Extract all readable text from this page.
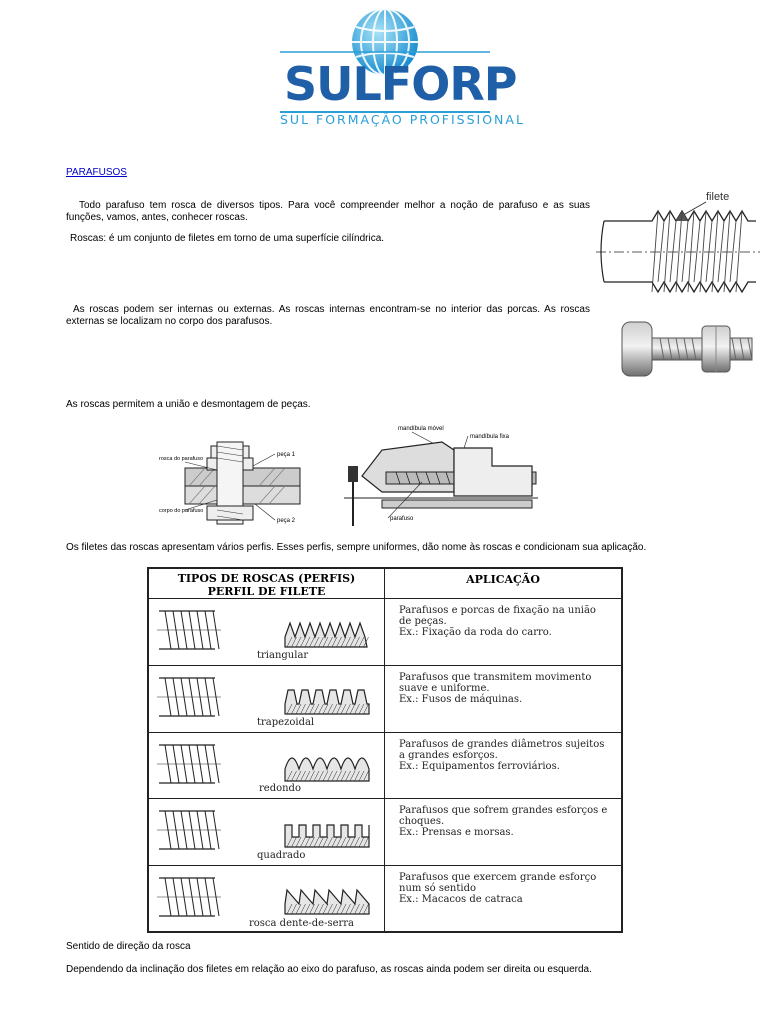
SULFORP
SUL FORMAÇÃO PROFISSIONAL
PARAFUSOS
Todo parafuso tem rosca de diversos tipos. Para você compreender melhor a noção de parafuso e as suas funções, vamos, antes, conhecer roscas.
Roscas: é um conjunto de filetes em torno de uma superfície cilíndrica.
As roscas podem ser internas ou externas. As roscas internas encontram-se no interior das porcas. As roscas externas se localizam no corpo dos parafusos.
As roscas permitem a união e desmontagem de peças.
Os filetes das roscas apresentam vários perfis. Esses perfis, sempre uniformes, dão nome às roscas e condicionam sua aplicação.
Sentido de direção da rosca
Dependendo da inclinação dos filetes em relação ao eixo do parafuso, as roscas ainda podem ser direita ou esquerda.
filete
rosca do parafuso
peça 1
corpo do parafuso
peça 2
mandíbula móvel
mandíbula fixa
parafuso
TIPOS DE ROSCAS (PERFIS)
PERFIL DE FILETE
APLICAÇÃO
triangular
Parafusos e porcas de fixação na união
de peças.
Ex.: Fixação da roda do carro.
trapezoidal
Parafusos que transmitem movimento
suave e uniforme.
Ex.: Fusos de máquinas.
redondo
Parafusos de grandes diâmetros sujeitos
a grandes esforços.
Ex.: Equipamentos ferroviários.
quadrado
Parafusos que sofrem grandes esforços e
choques.
Ex.: Prensas e morsas.
rosca dente-de-serra
Parafusos que exercem grande esforço
num só sentido
Ex.: Macacos de catraca
